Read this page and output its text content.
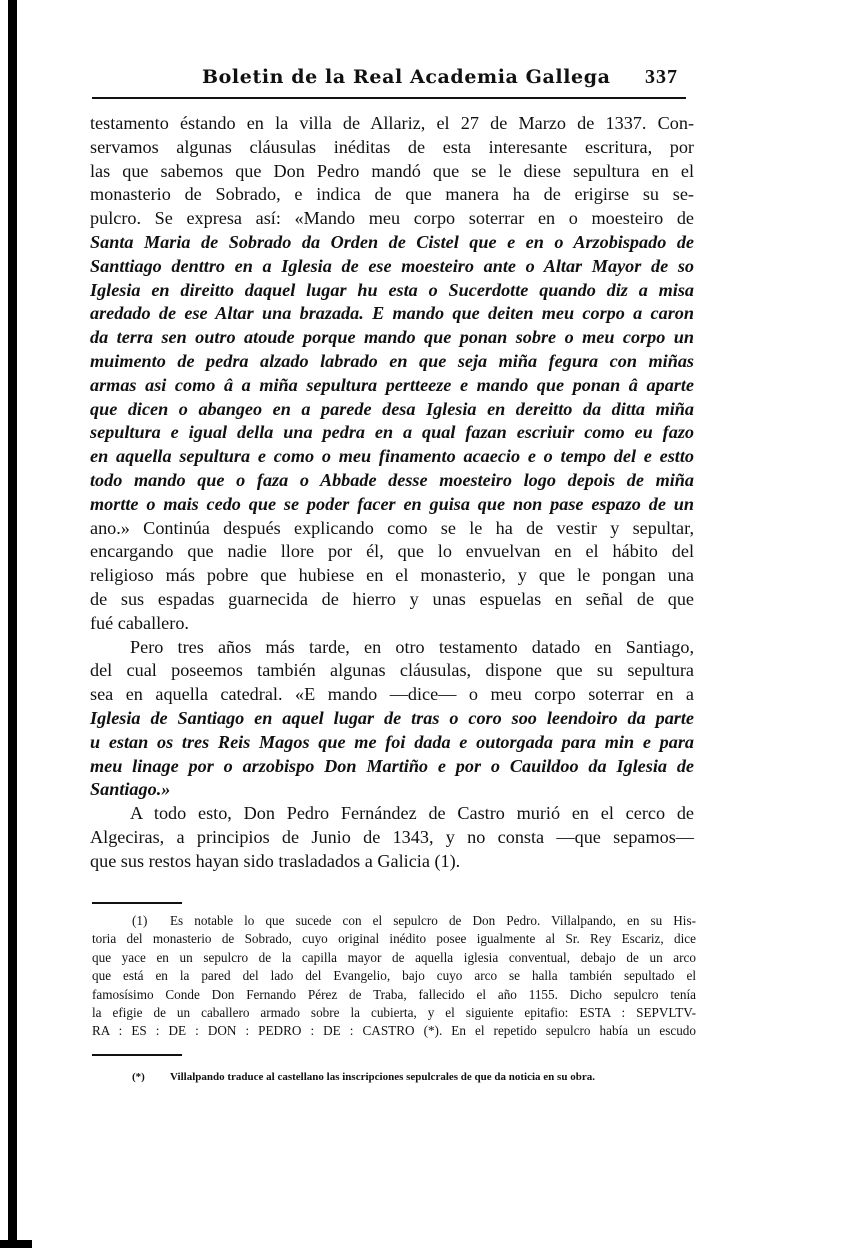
Boletin de la Real Academia Gallega 337
testamento éstando en la villa de Allariz, el 27 de Marzo de 1337. Con-
servamos algunas cláusulas inéditas de esta interesante escritura, por
las que sabemos que Don Pedro mandó que se le diese sepultura en el
monasterio de Sobrado, e indica de que manera ha de erigirse su se-
pulcro. Se expresa así: «Mando meu corpo soterrar en o moesteiro de
Santa Maria de Sobrado da Orden de Cistel que e en o Arzobispado de
Santtiago denttro en a Iglesia de ese moesteiro ante o Altar Mayor de so
Iglesia en direitto daquel lugar hu esta o Sucerdotte quando diz a misa
aredado de ese Altar una brazada. E mando que deiten meu corpo a caron
da terra sen outro atoude porque mando que ponan sobre o meu corpo un
muimento de pedra alzado labrado en que seja miña fegura con miñas
armas asi como â a miña sepultura pertteeze e mando que ponan â aparte
que dicen o abangeo en a parede desa Iglesia en dereitto da ditta miña
sepultura e igual della una pedra en a qual fazan escriuir como eu fazo
en aquella sepultura e como o meu finamento acaecio e o tempo del e estto
todo mando que o faza o Abbade desse moesteiro logo depois de miña
mortte o mais cedo que se poder facer en guisa que non pase espazo de un
ano.» Continúa después explicando como se le ha de vestir y sepultar,
encargando que nadie llore por él, que lo envuelvan en el hábito del
religioso más pobre que hubiese en el monasterio, y que le pongan una
de sus espadas guarnecida de hierro y unas espuelas en señal de que
fué caballero.
Pero tres años más tarde, en otro testamento datado en Santiago,
del cual poseemos también algunas cláusulas, dispone que su sepultura
sea en aquella catedral. «E mando —dice— o meu corpo soterrar en a
Iglesia de Santiago en aquel lugar de tras o coro soo leendoiro da parte
u estan os tres Reis Magos que me foi dada e outorgada para min e para
meu linage por o arzobispo Don Martiño e por o Cauildoo da Iglesia de
Santiago.»
A todo esto, Don Pedro Fernández de Castro murió en el cerco de
Algeciras, a principios de Junio de 1343, y no consta —que sepamos—
que sus restos hayan sido trasladados a Galicia (1).
(1) Es notable lo que sucede con el sepulcro de Don Pedro. Villalpando, en su His-
toria del monasterio de Sobrado, cuyo original inédito posee igualmente al Sr. Rey Escariz, dice
que yace en un sepulcro de la capilla mayor de aquella iglesia conventual, debajo de un arco
que está en la pared del lado del Evangelio, bajo cuyo arco se halla también sepultado el
famosísimo Conde Don Fernando Pérez de Traba, fallecido el año 1155. Dicho sepulcro tenía
la efigie de un caballero armado sobre la cubierta, y el siguiente epitafio: ESTA : SEPVLTV-
RA : ES : DE : DON : PEDRO : DE : CASTRO (*). En el repetido sepulcro había un escudo
(*) Villalpando traduce al castellano las inscripciones sepulcrales de que da noticia en su obra.
